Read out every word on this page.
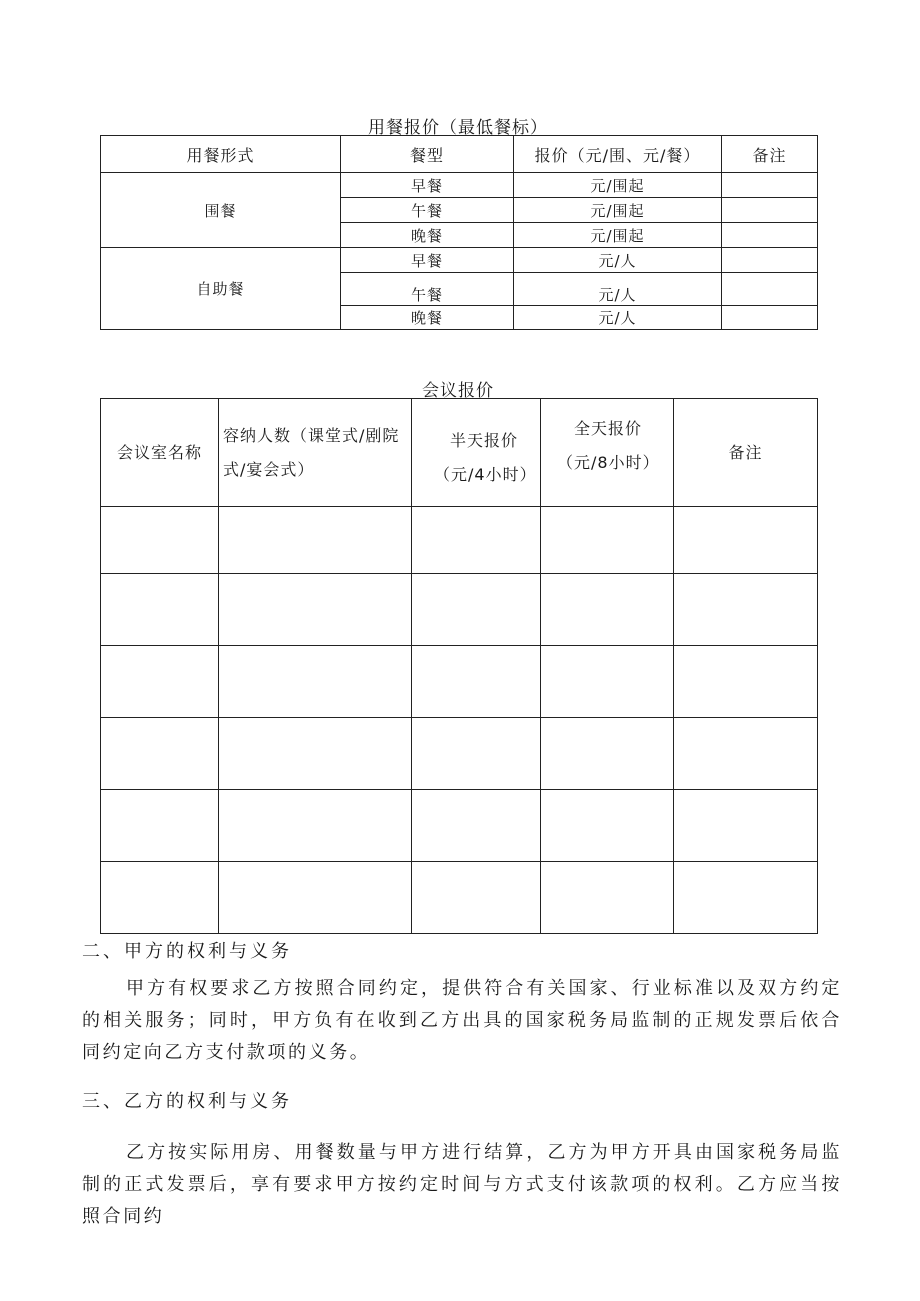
用餐报价（最低餐标）
用餐形式	餐型	报价（元/围、元/餐）	备注
围餐	早餐	元/围起	
	午餐	元/围起	
	晚餐	元/围起	
自助餐	早餐	元/人	
	午餐	元/人	
	晚餐	元/人	
会议报价
会议室名称	容纳人数（课堂式/剧院式/宴会式）	半天报价（元/4小时）	全天报价（元/8小时）	备注

二、甲方的权利与义务
甲方有权要求乙方按照合同约定，提供符合有关国家、行业标准以及双方约定的相关服务；同时，甲方负有在收到乙方出具的国家税务局监制的正规发票后依合同约定向乙方支付款项的义务。
三、乙方的权利与义务
乙方按实际用房、用餐数量与甲方进行结算，乙方为甲方开具由国家税务局监制的正式发票后，享有要求甲方按约定时间与方式支付该款项的权利。乙方应当按照合同约
